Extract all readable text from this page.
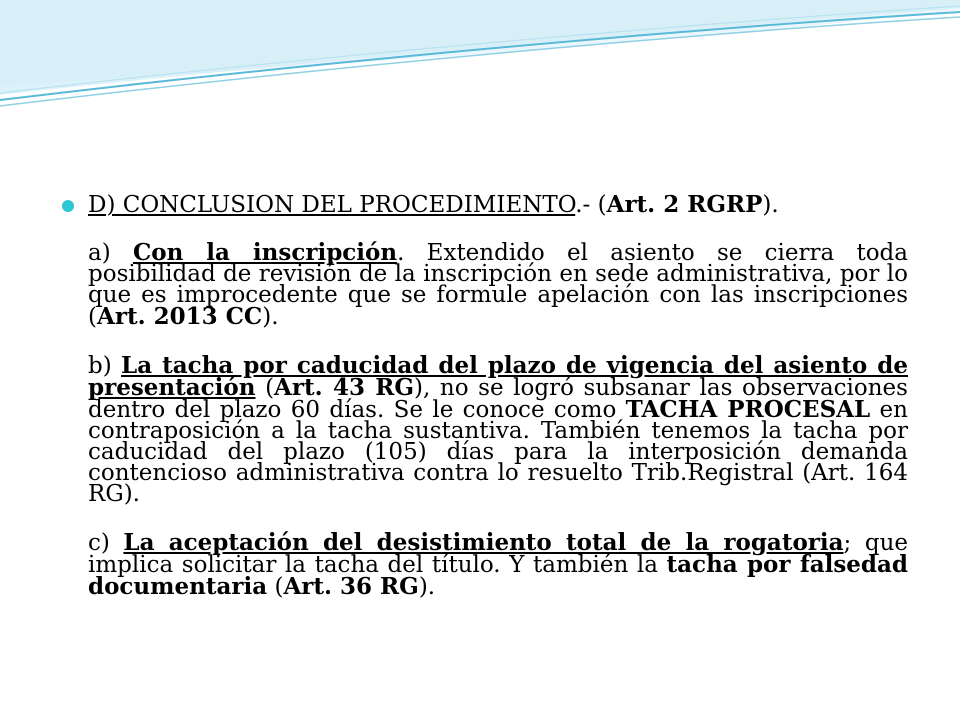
D) CONCLUSION DEL PROCEDIMIENTO.- (Art. 2 RGRP).
a) Con la inscripción. Extendido el asiento se cierra toda posibilidad de revisión de la inscripción en sede administrativa, por lo que es improcedente que se formule apelación con las inscripciones (Art. 2013 CC).
b) La tacha por caducidad del plazo de vigencia del asiento de presentación (Art. 43 RG), no se logró subsanar las observaciones dentro del plazo 60 días. Se le conoce como TACHA PROCESAL en contraposición a la tacha sustantiva. También tenemos la tacha por caducidad del plazo (105) días para la interposición demanda contencioso administrativa contra lo resuelto Trib.Registral (Art. 164 RG).
c) La aceptación del desistimiento total de la rogatoria; que implica solicitar la tacha del título. Y también la tacha por falsedad documentaria (Art. 36 RG).
